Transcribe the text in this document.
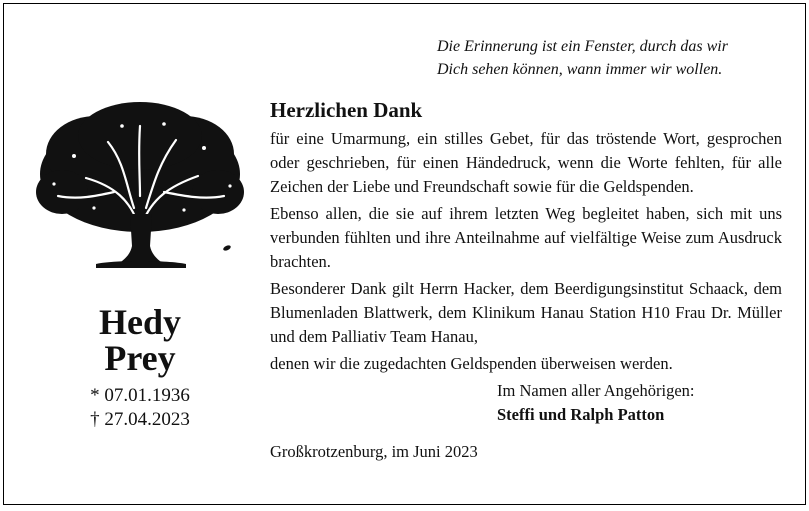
Die Erinnerung ist ein Fenster, durch das wir
Dich sehen können, wann immer wir wollen.
Hedy
Prey
* 07.01.1936
† 27.04.2023
Herzlichen Dank
für eine Umarmung, ein stilles Gebet, für das tröstende Wort, gesprochen oder geschrieben, für einen Händedruck, wenn die Worte fehlten, für alle Zeichen der Liebe und Freundschaft sowie für die Geldspenden.
Ebenso allen, die sie auf ihrem letzten Weg begleitet haben, sich mit uns verbunden fühlten und ihre Anteilnahme auf vielfältige Weise zum Ausdruck brachten.
Besonderer Dank gilt Herrn Hacker, dem Beerdigungsinstitut Schaack, dem Blumenladen Blattwerk, dem Klinikum Hanau Station H10 Frau Dr. Müller und dem Palliativ Team Hanau,
denen wir die zugedachten Geldspenden überweisen werden.
Im Namen aller Angehörigen:
Steffi und Ralph Patton
Großkrotzenburg, im Juni 2023
